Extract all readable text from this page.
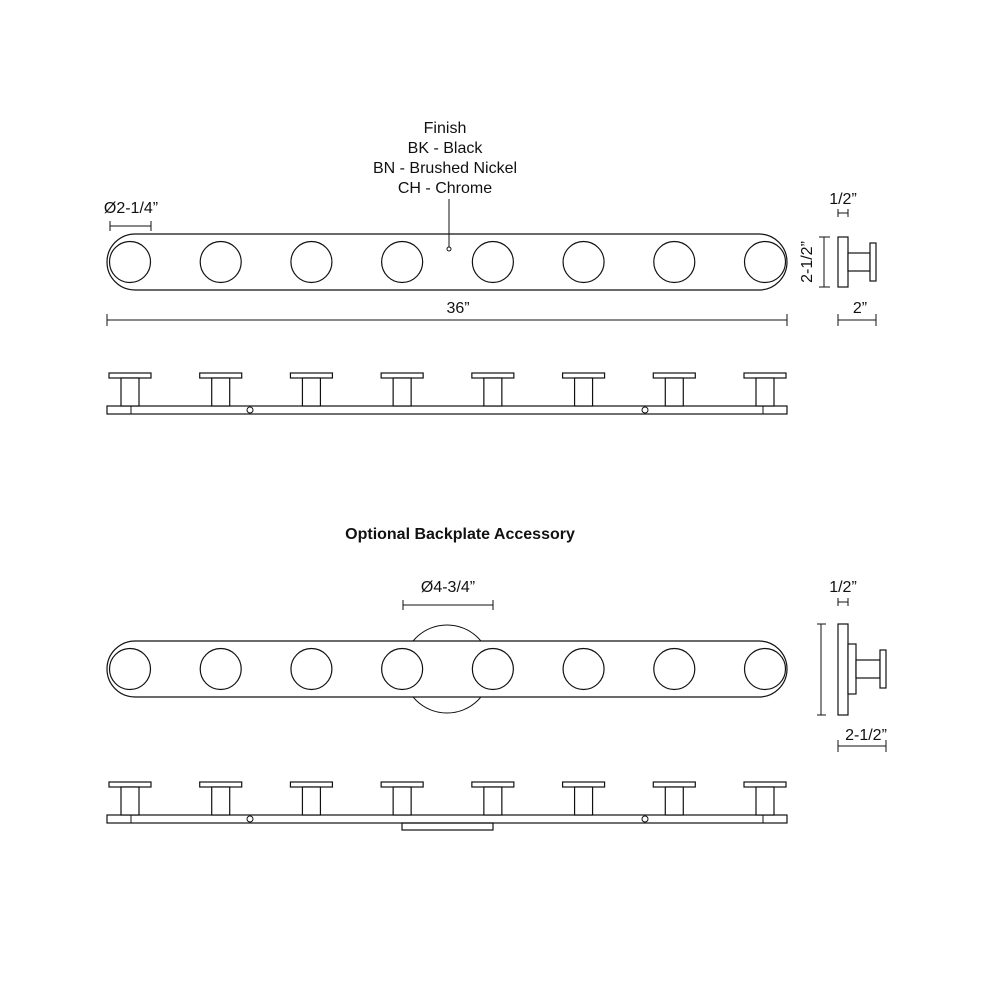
Finish
BK - Black
BN - Brushed Nickel
CH - Chrome
Ø2-1/4”
36”
1/2”
2-1/2”
2”
Optional Backplate Accessory
Ø4-3/4”	1/2”
2-1/2”
